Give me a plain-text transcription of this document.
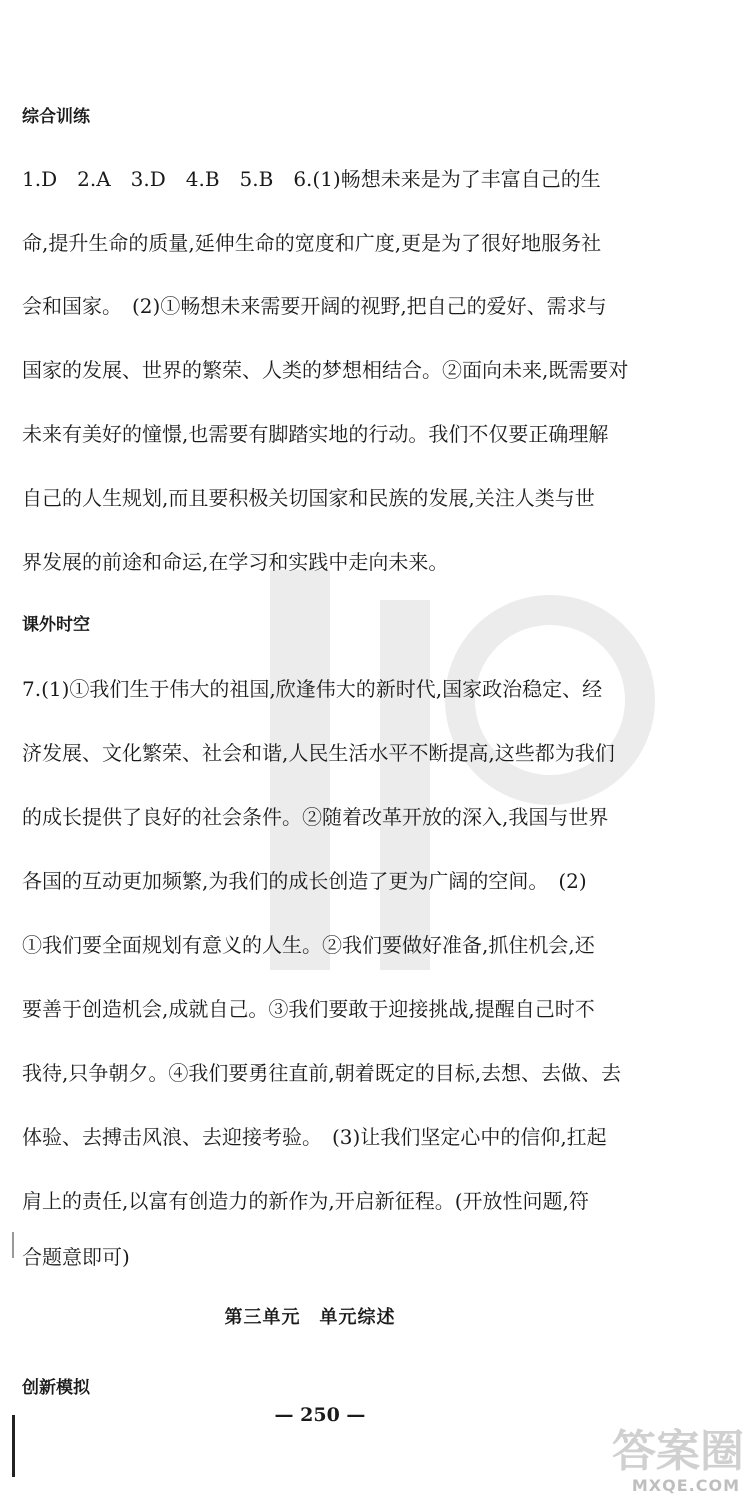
综合训练
1.D　2.A　3.D　4.B　5.B　6.(1)畅想未来是为了丰富自己的生
命,提升生命的质量,延伸生命的宽度和广度,更是为了很好地服务社
会和国家。　(2)①畅想未来需要开阔的视野,把自己的爱好、需求与
国家的发展、世界的繁荣、人类的梦想相结合。②面向未来,既需要对
未来有美好的憧憬,也需要有脚踏实地的行动。我们不仅要正确理解
自己的人生规划,而且要积极关切国家和民族的发展,关注人类与世
界发展的前途和命运,在学习和实践中走向未来。
课外时空
7.(1)①我们生于伟大的祖国,欣逢伟大的新时代,国家政治稳定、经
济发展、文化繁荣、社会和谐,人民生活水平不断提高,这些都为我们
的成长提供了良好的社会条件。②随着改革开放的深入,我国与世界
各国的互动更加频繁,为我们的成长创造了更为广阔的空间。　(2)
①我们要全面规划有意义的人生。②我们要做好准备,抓住机会,还
要善于创造机会,成就自己。③我们要敢于迎接挑战,提醒自己时不
我待,只争朝夕。④我们要勇往直前,朝着既定的目标,去想、去做、去
体验、去搏击风浪、去迎接考验。　(3)让我们坚定心中的信仰,扛起
肩上的责任,以富有创造力的新作为,开启新征程。(开放性问题,符
合题意即可)
第三单元　单元综述
创新模拟
— 250 —
答案圈
MXQE.COM
